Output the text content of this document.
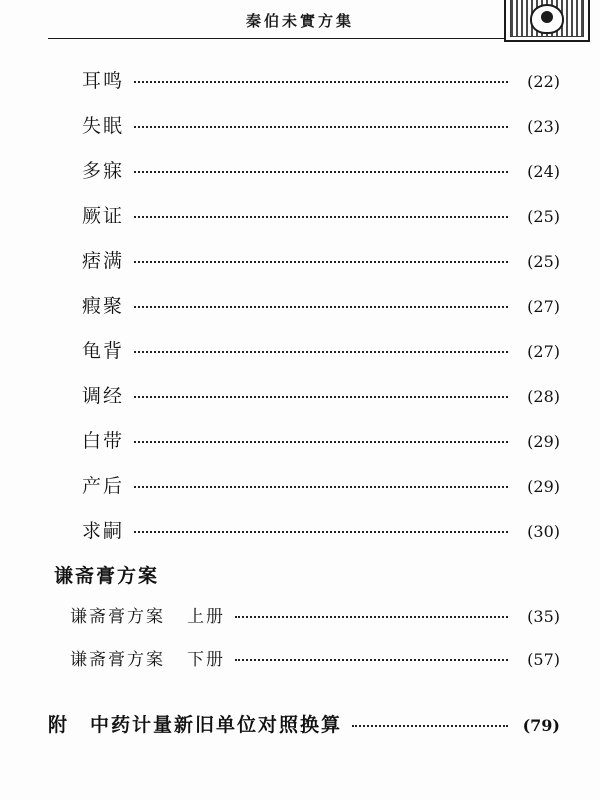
秦伯未實方集
耳鸣	(22)
失眠	(23)
多寐	(24)
厥证	(25)
痞满	(25)
瘕聚	(27)
龟背	(27)
调经	(28)
白带	(29)
产后	(29)
求嗣	(30)
谦斋膏方案
谦斋膏方案 上册	(35)
谦斋膏方案 下册	(57)
附　中药计量新旧单位对照换算	(79)
